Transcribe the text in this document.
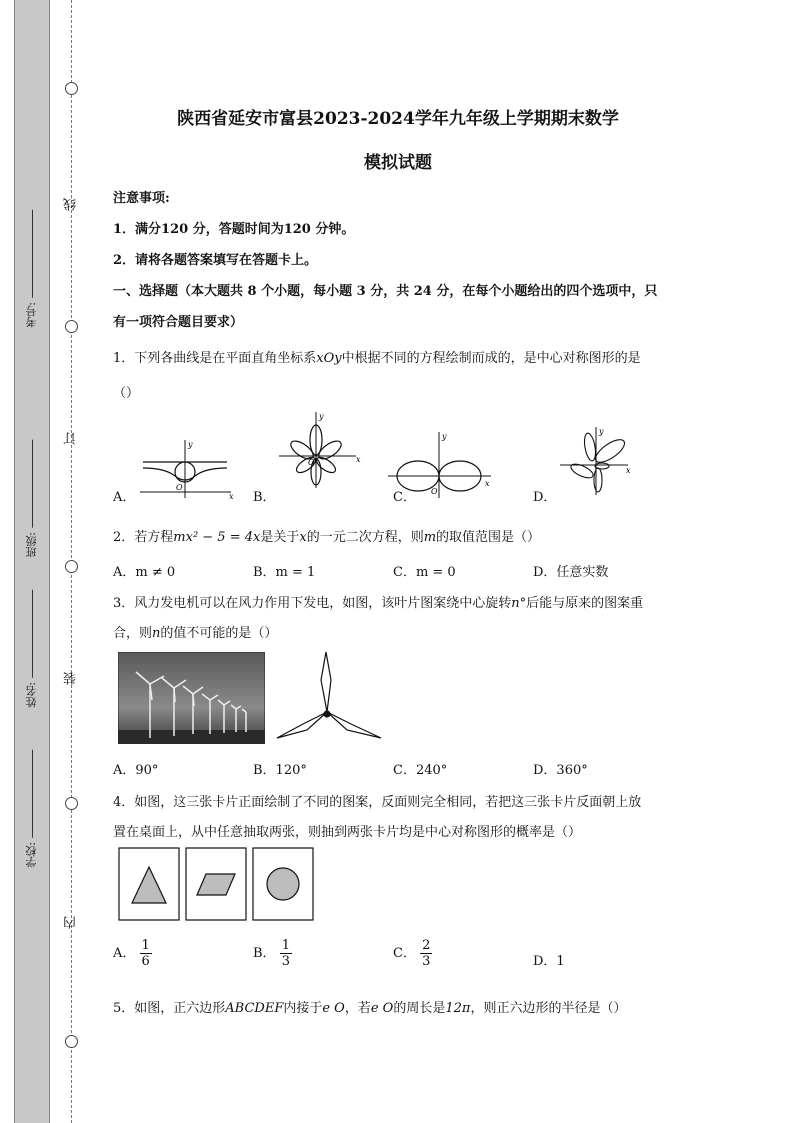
线
订
装
内
考号:
班级:
姓名:
学校:
陕西省延安市富县2023-2024学年九年级上学期期末数学
模拟试题
注意事项:
1．满分120 分，答题时间为120 分钟。
2．请将各题答案填写在答题卡上。
一、选择题（本大题共 8 个小题，每小题 3 分，共 24 分，在每个小题给出的四个选项中，只
有一项符合题目要求）
1．下列各曲线是在平面直角坐标系xOy中根据不同的方程绘制而成的，是中心对称图形的是
（）
A．
y
x
O
B．
y
x
O
C．
y
x
O	D．
y
x
2．若方程mx² − 5 = 4x是关于x的一元二次方程，则m的取值范围是（）
A．m ≠ 0	B．m = 1	C．m = 0	D．任意实数
3．风力发电机可以在风力作用下发电，如图，该叶片图案绕中心旋转n°后能与原来的图案重
合，则n的值不可能的是（）
A．90°	B．120°	C．240°	D．360°
4．如图，这三张卡片正面绘制了不同的图案，反面则完全相同，若把这三张卡片反面朝上放
置在桌面上，从中任意抽取两张，则抽到两张卡片均是中心对称图形的概率是（）
A． $\frac{1}{6}$	B． $\frac{1}{3}$	C． $\frac{2}{3}$	D．1
5．如图，正六边形ABCDEF内接于e O，若e O的周长是12π，则正六边形的半径是（）
